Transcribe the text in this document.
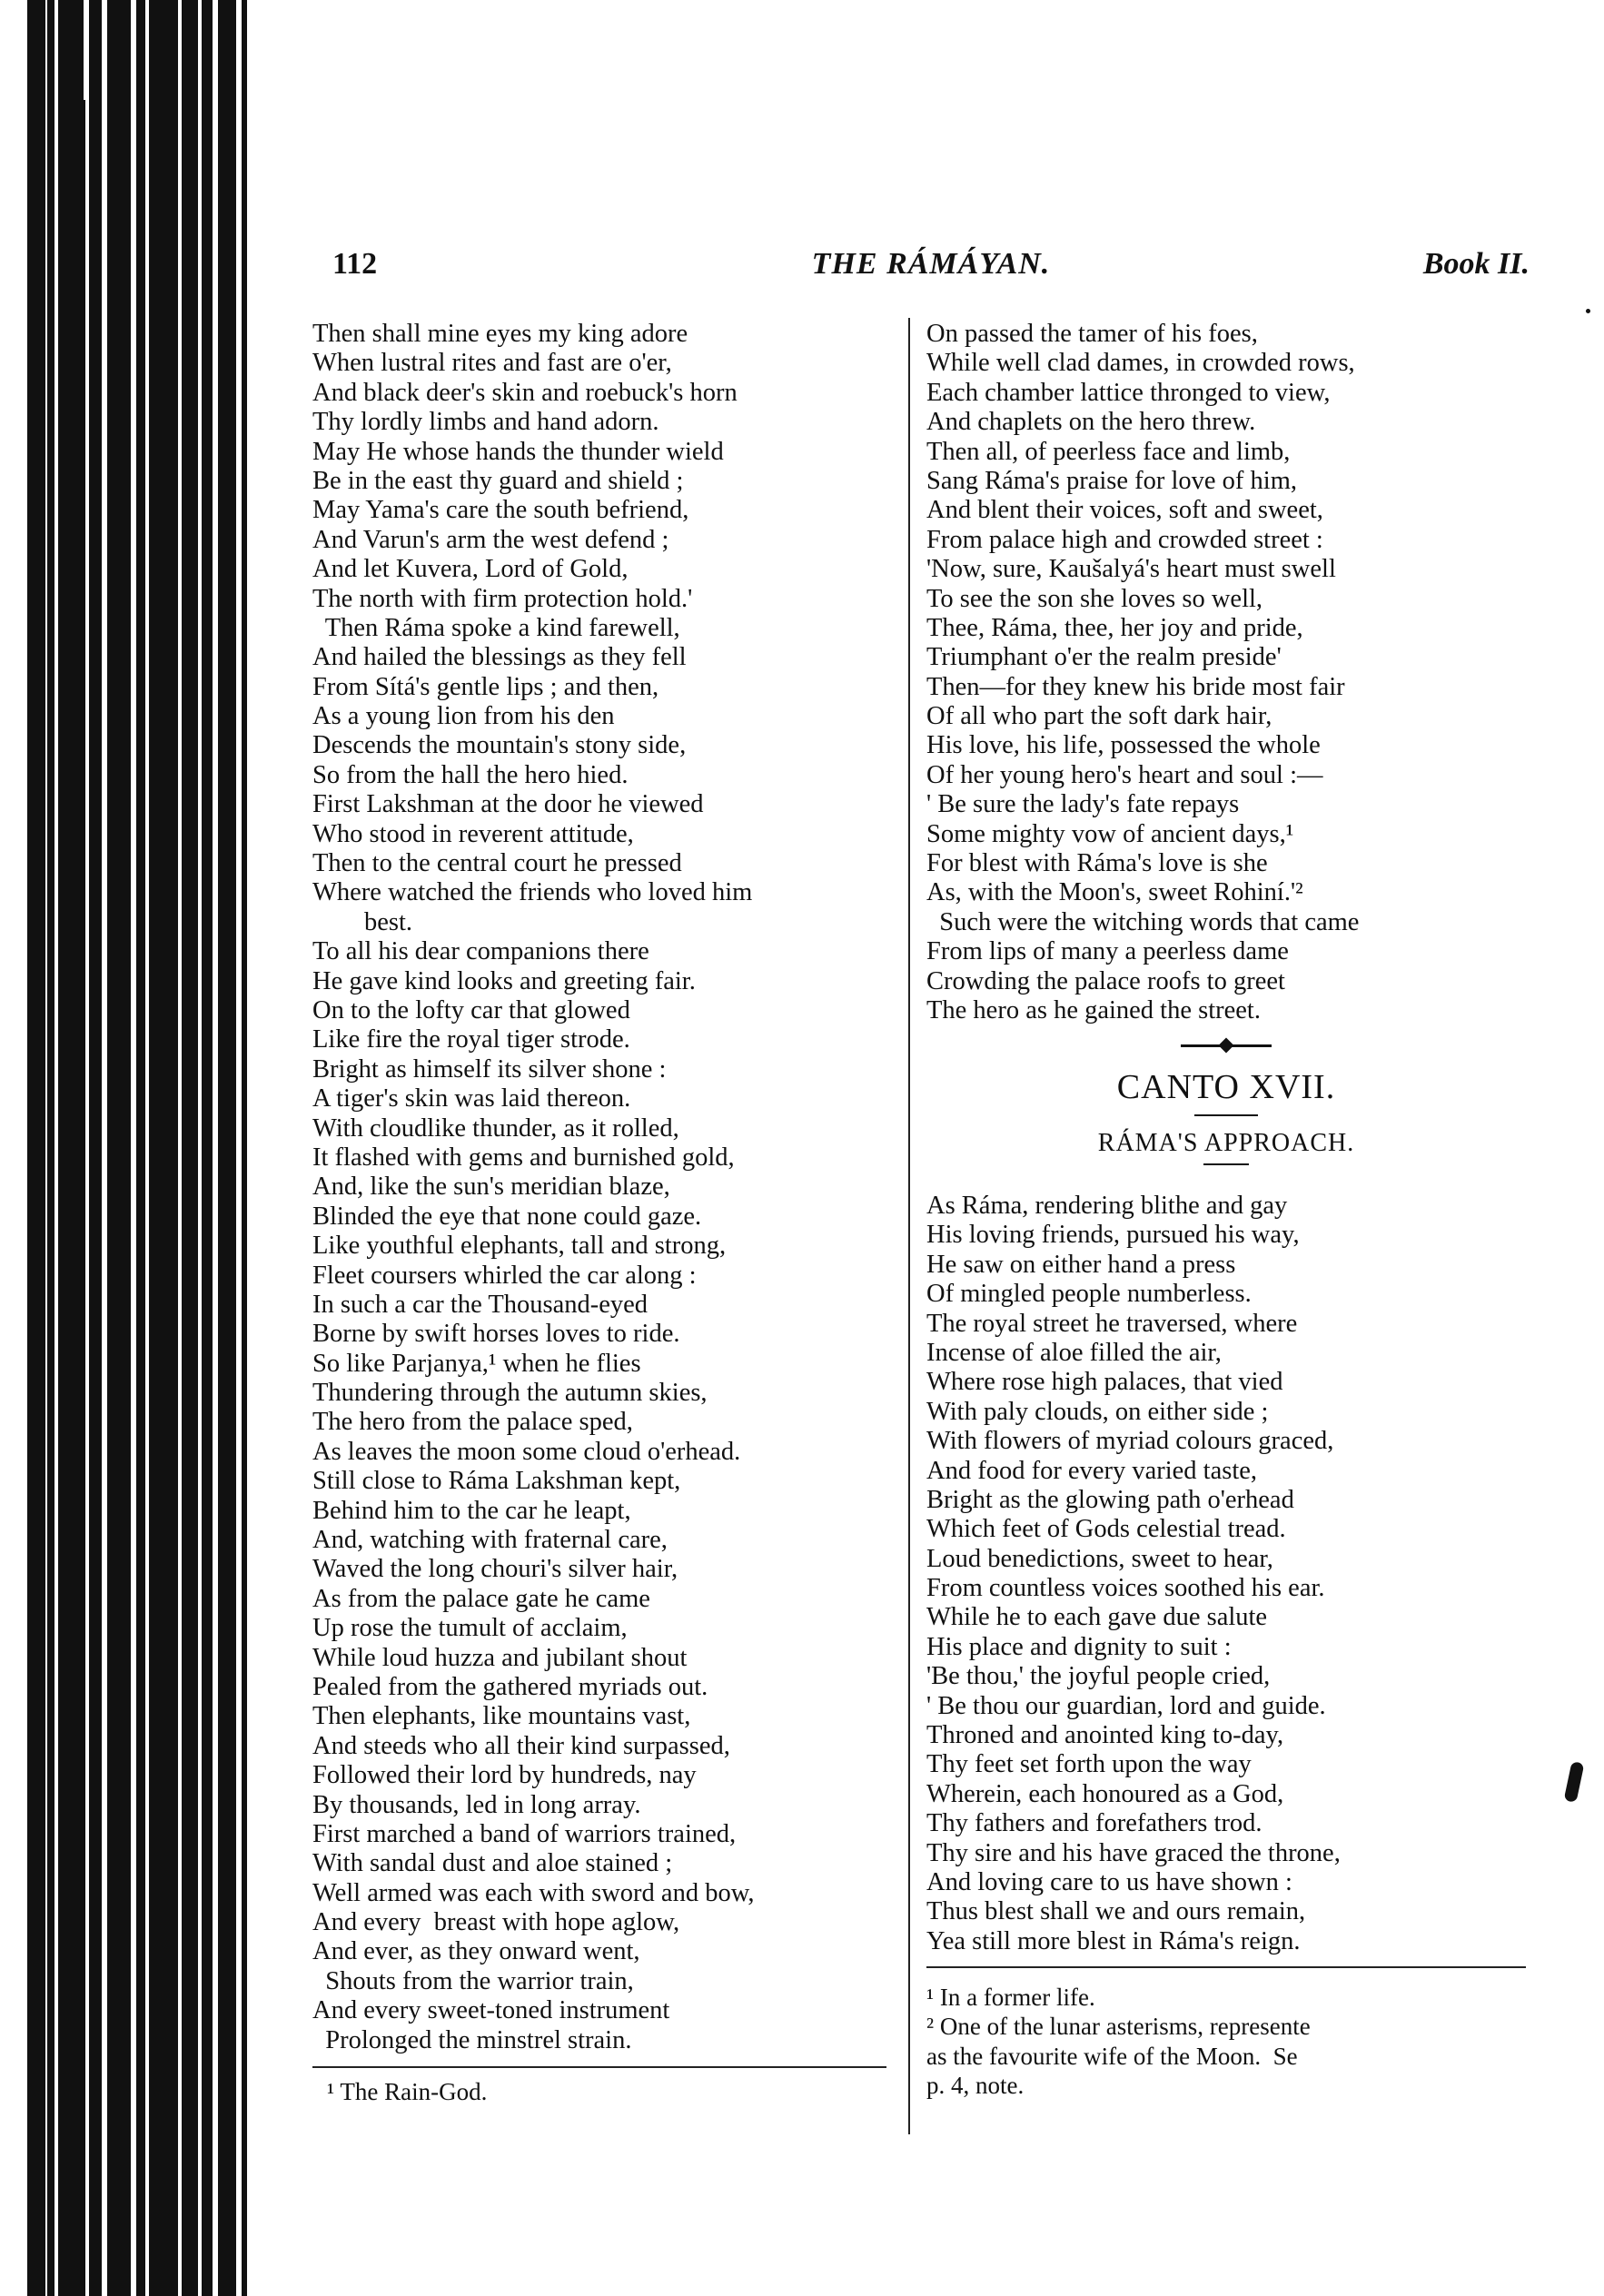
112	THE RÁMÁYAN.	Book II.
Then shall mine eyes my king adore
When lustral rites and fast are o'er,
And black deer's skin and roebuck's horn
Thy lordly limbs and hand adorn.
May He whose hands the thunder wield
Be in the east thy guard and shield ;
May Yama's care the south befriend,
And Varun's arm the west defend ;
And let Kuvera, Lord of Gold,
The north with firm protection hold.'
Then Ráma spoke a kind farewell,
And hailed the blessings as they fell
From Sítá's gentle lips ; and then,
As a young lion from his den
Descends the mountain's stony side,
So from the hall the hero hied.
First Lakshman at the door he viewed
Who stood in reverent attitude,
Then to the central court he pressed
Where watched the friends who loved him
best.
To all his dear companions there
He gave kind looks and greeting fair.
On to the lofty car that glowed
Like fire the royal tiger strode.
Bright as himself its silver shone :
A tiger's skin was laid thereon.
With cloudlike thunder, as it rolled,
It flashed with gems and burnished gold,
And, like the sun's meridian blaze,
Blinded the eye that none could gaze.
Like youthful elephants, tall and strong,
Fleet coursers whirled the car along :
In such a car the Thousand-eyed
Borne by swift horses loves to ride.
So like Parjanya,¹ when he flies
Thundering through the autumn skies,
The hero from the palace sped,
As leaves the moon some cloud o'erhead.
Still close to Ráma Lakshman kept,
Behind him to the car he leapt,
And, watching with fraternal care,
Waved the long chouri's silver hair,
As from the palace gate he came
Up rose the tumult of acclaim,
While loud huzza and jubilant shout
Pealed from the gathered myriads out.
Then elephants, like mountains vast,
And steeds who all their kind surpassed,
Followed their lord by hundreds, nay
By thousands, led in long array.
First marched a band of warriors trained,
With sandal dust and aloe stained ;
Well armed was each with sword and bow,
And every  breast with hope aglow,
And ever, as they onward went,
Shouts from the warrior train,
And every sweet-toned instrument
Prolonged the minstrel strain.
On passed the tamer of his foes,
While well clad dames, in crowded rows,
Each chamber lattice thronged to view,
And chaplets on the hero threw.
Then all, of peerless face and limb,
Sang Ráma's praise for love of him,
And blent their voices, soft and sweet,
From palace high and crowded street :
'Now, sure, Kaušalyá's heart must swell
To see the son she loves so well,
Thee, Ráma, thee, her joy and pride,
Triumphant o'er the realm preside'
Then—for they knew his bride most fair
Of all who part the soft dark hair,
His love, his life, possessed the whole
Of her young hero's heart and soul :—
' Be sure the lady's fate repays
Some mighty vow of ancient days,¹
For blest with Ráma's love is she
As, with the Moon's, sweet Rohiní.'²
Such were the witching words that came
From lips of many a peerless dame
Crowding the palace roofs to greet
The hero as he gained the street.
CANTO XVII.
RÁMA'S APPROACH.
As Ráma, rendering blithe and gay
His loving friends, pursued his way,
He saw on either hand a press
Of mingled people numberless.
The royal street he traversed, where
Incense of aloe filled the air,
Where rose high palaces, that vied
With paly clouds, on either side ;
With flowers of myriad colours graced,
And food for every varied taste,
Bright as the glowing path o'erhead
Which feet of Gods celestial tread.
Loud benedictions, sweet to hear,
From countless voices soothed his ear.
While he to each gave due salute
His place and dignity to suit :
'Be thou,' the joyful people cried,
' Be thou our guardian, lord and guide.
Throned and anointed king to-day,
Thy feet set forth upon the way
Wherein, each honoured as a God,
Thy fathers and forefathers trod.
Thy sire and his have graced the throne,
And loving care to us have shown :
Thus blest shall we and ours remain,
Yea still more blest in Ráma's reign.
¹ The Rain-God.
¹ In a former life.
² One of the lunar asterisms, represente
as the favourite wife of the Moon.  Se
p. 4, note.
